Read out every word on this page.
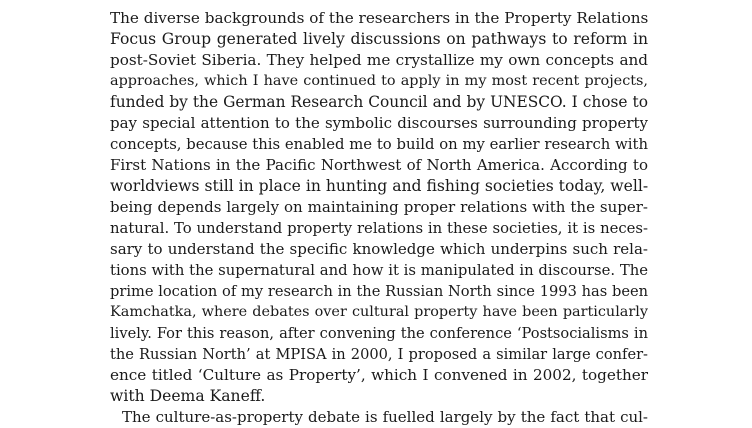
The diverse backgrounds of the researchers in the Property Relations
Focus Group generated lively discussions on pathways to reform in
post-Soviet Siberia. They helped me crystallize my own concepts and
approaches, which I have continued to apply in my most recent projects,
funded by the German Research Council and by UNESCO. I chose to
pay special attention to the symbolic discourses surrounding property
concepts, because this enabled me to build on my earlier research with
First Nations in the Pacific Northwest of North America. According to
worldviews still in place in hunting and fishing societies today, well-
being depends largely on maintaining proper relations with the super-
natural. To understand property relations in these societies, it is neces-
sary to understand the specific knowledge which underpins such rela-
tions with the supernatural and how it is manipulated in discourse. The
prime location of my research in the Russian North since 1993 has been
Kamchatka, where debates over cultural property have been particularly
lively. For this reason, after convening the conference ‘Postsocialisms in
the Russian North’ at MPISA in 2000, I proposed a similar large confer-
ence titled ‘Culture as Property’, which I convened in 2002, together
with Deema Kaneff.
The culture-as-property debate is fuelled largely by the fact that cul-
